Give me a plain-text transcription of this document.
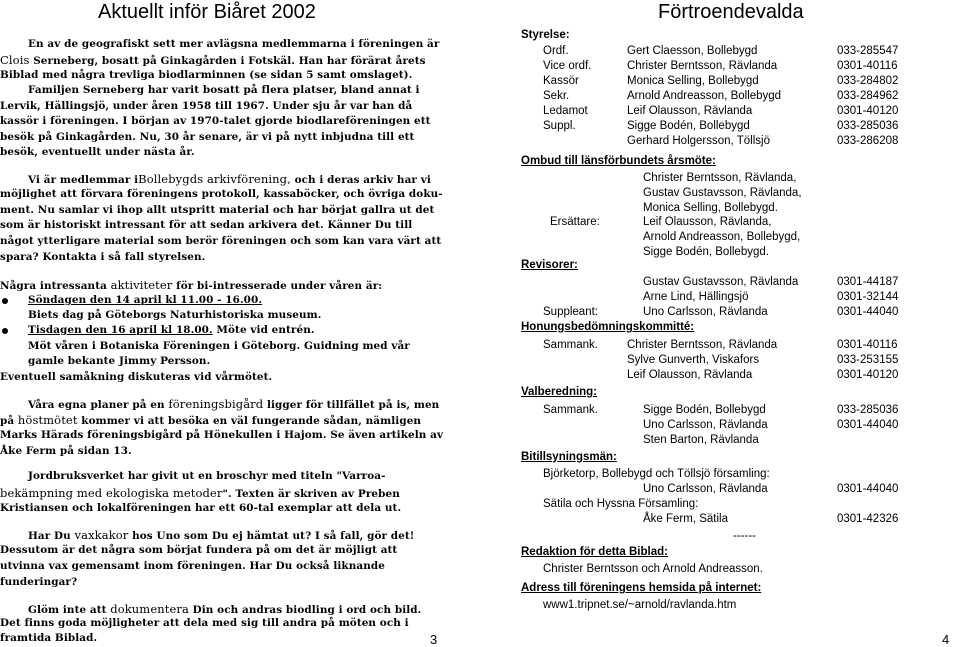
Aktuellt inför Biåret 2002
En av de geografiskt sett mer avlägsna medlemmarna i föreningen är
Clois Serneberg, bosatt på Ginkagården i Fotskäl. Han har förärat årets
Biblad med några trevliga biodlarminnen (se sidan 5 samt omslaget).
Familjen Serneberg har varit bosatt på flera platser, bland annat i
Lervik, Hällingsjö, under åren 1958 till 1967. Under sju år var han då
kassör i föreningen. I början av 1970-talet gjorde biodlareföreningen ett
besök på Ginkagården. Nu, 30 år senare, är vi på nytt inbjudna till ett
besök, eventuellt under nästa år.
Vi är medlemmar iBollebygds arkivförening, och i deras arkiv har vi
möjlighet att förvara föreningens protokoll, kassaböcker, och övriga doku-
ment. Nu samlar vi ihop allt utspritt material och har börjat gallra ut det
som är historiskt intressant för att sedan arkivera det. Känner Du till
något ytterligare material som berör föreningen och som kan vara värt att
spara? Kontakta i så fall styrelsen.
Några intressanta aktiviteter för bi-intresserade under våren är:
Söndagen den 14 april kl 11.00 - 16.00.
Biets dag på Göteborgs Naturhistoriska museum.
Tisdagen den 16 april kl 18.00. Möte vid entrén.
Möt våren i Botaniska Föreningen i Göteborg. Guidning med vår
gamle bekante Jimmy Persson.
Eventuell samåkning diskuteras vid vårmötet.
Våra egna planer på en föreningsbigård ligger för tillfället på is, men
på höstmötet kommer vi att besöka en väl fungerande sådan, nämligen
Marks Härads föreningsbigård på Hönekullen i Hajom. Se även artikeln av
Åke Ferm på sidan 13.
Jordbruksverket har givit ut en broschyr med titeln "Varroa-
bekämpning med ekologiska metoder". Texten är skriven av Preben
Kristiansen och lokalföreningen har ett 60-tal exemplar att dela ut.
Har Du vaxkakor hos Uno som Du ej hämtat ut? I så fall, gör det!
Dessutom är det några som börjat fundera på om det är möjligt att
utvinna vax gemensamt inom föreningen. Har Du också liknande
funderingar?
Glöm inte att dokumentera Din och andras biodling i ord och bild.
Det finns goda möjligheter att dela med sig till andra på möten och i
framtida Biblad.	3
Förtroendevalda
Styrelse:
Ordf.	Gert Claesson, Bollebygd	033-285547
Vice ordf.	Christer Berntsson, Rävlanda	0301-40116
Kassör	Monica Selling, Bollebygd	033-284802
Sekr.	Arnold Andreasson, Bollebygd	033-284962
Ledamot	Leif Olausson, Rävlanda	0301-40120
Suppl.	Sigge Bodén, Bollebygd	033-285036
Gerhard Holgersson, Töllsjö	033-286208
Ombud till länsförbundets årsmöte:
Christer Berntsson, Rävlanda,
Gustav Gustavsson, Rävlanda,
Monica Selling, Bollebygd.
Ersättare:	Leif Olausson, Rävlanda,
Arnold Andreasson, Bollebygd,
Sigge Bodén, Bollebygd.
Revisorer:
Gustav Gustavsson, Rävlanda	0301-44187
Arne Lind, Hällingsjö	0301-32144
Suppleant:	Uno Carlsson, Rävlanda	0301-44040
Honungsbedömningskommitté:
Sammank.	Christer Berntsson, Rävlanda	0301-40116
Sylve Gunverth, Viskafors	033-253155
Leif Olausson, Rävlanda	0301-40120
Valberedning:
Sammank.	Sigge Bodén, Bollebygd	033-285036
Uno Carlsson, Rävlanda	0301-44040
Sten Barton, Rävlanda
Bitillsyningsmän:
Björketorp, Bollebygd och Töllsjö församling:
Uno Carlsson, Rävlanda	0301-44040
Sätila och Hyssna Församling:
Åke Ferm, Sätila	0301-42326
------
Redaktion för detta Biblad:
Christer Berntsson och Arnold Andreasson.
Adress till föreningens hemsida på internet:
www1.tripnet.se/~arnold/ravlanda.htm
4
